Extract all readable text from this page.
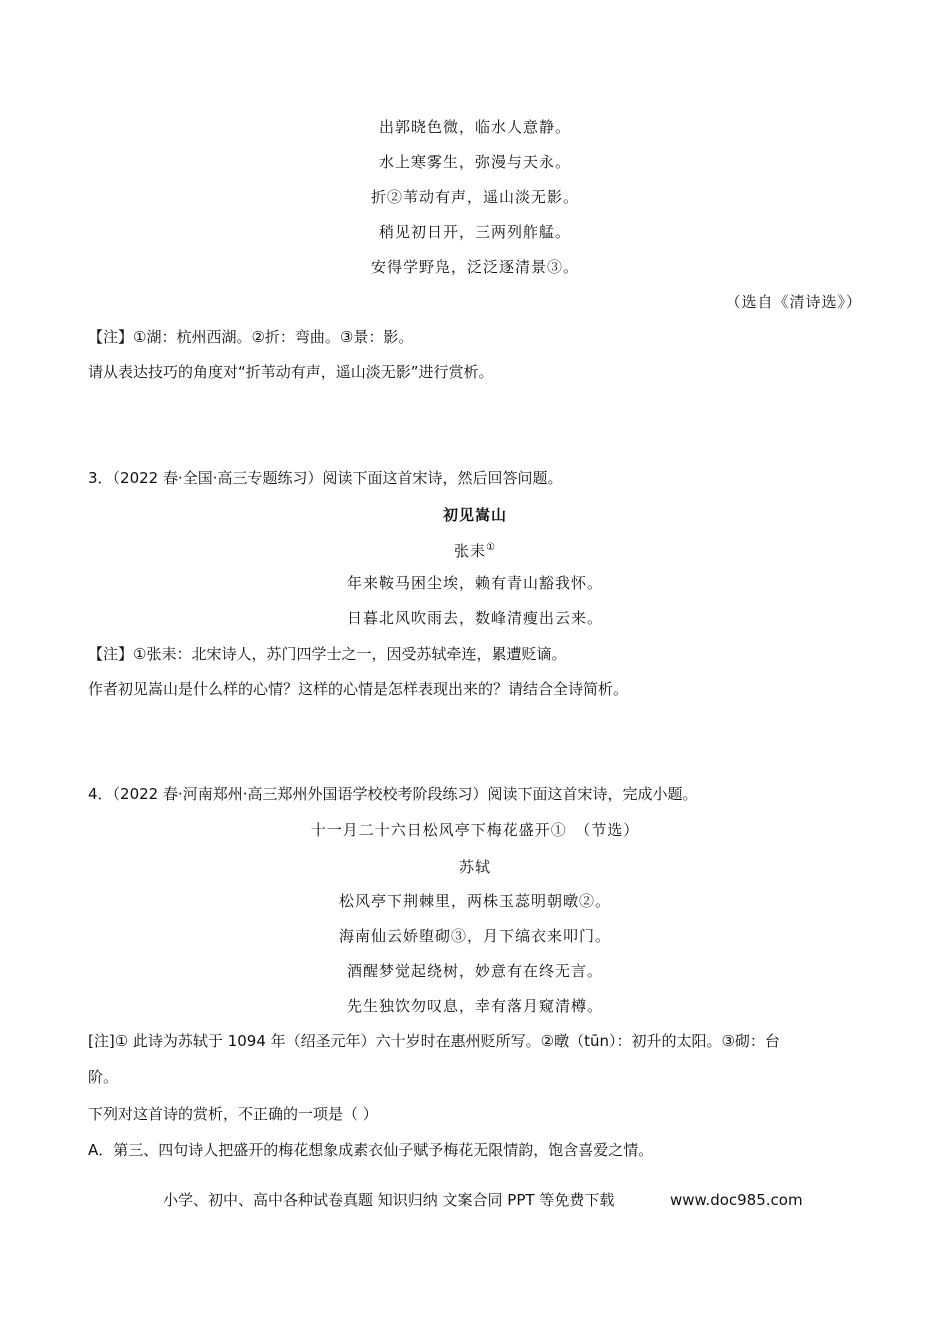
出郭晓色微，临水人意静。
水上寒雾生，弥漫与天永。
折②苇动有声，遥山淡无影。
稍见初日开，三两列舴艋。
安得学野凫，泛泛逐清景③。
（选自《清诗选》）
【注】①湖：杭州西湖。②折：弯曲。③景：影。
请从表达技巧的角度对“折苇动有声，遥山淡无影”进行赏析。
3．（2022 春·全国·高三专题练习）阅读下面这首宋诗，然后回答问题。
初见嵩山
张耒①
年来鞍马困尘埃，赖有青山豁我怀。
日暮北风吹雨去，数峰清瘦出云来。
【注】①张耒：北宋诗人，苏门四学士之一，因受苏轼牵连，累遭贬谪。
作者初见嵩山是什么样的心情？这样的心情是怎样表现出来的？请结合全诗简析。
4．（2022 春·河南郑州·高三郑州外国语学校校考阶段练习）阅读下面这首宋诗，完成小题。
十一月二十六日松风亭下梅花盛开①　（节选）
苏轼
松风亭下荆棘里，两株玉蕊明朝暾②。
海南仙云娇堕砌③，月下缟衣来叩门。
酒醒梦觉起绕树，妙意有在终无言。
先生独饮勿叹息，幸有落月窥清樽。
[注]① 此诗为苏轼于 1094 年（绍圣元年）六十岁时在惠州贬所写。②暾（tūn）：初升的太阳。③砌：台
阶。
下列对这首诗的赏析，不正确的一项是（ ）
A．第三、四句诗人把盛开的梅花想象成素衣仙子赋予梅花无限情韵，饱含喜爱之情。
小学、初中、高中各种试卷真题 知识归纳 文案合同 PPT 等免费下载	www.doc985.com
